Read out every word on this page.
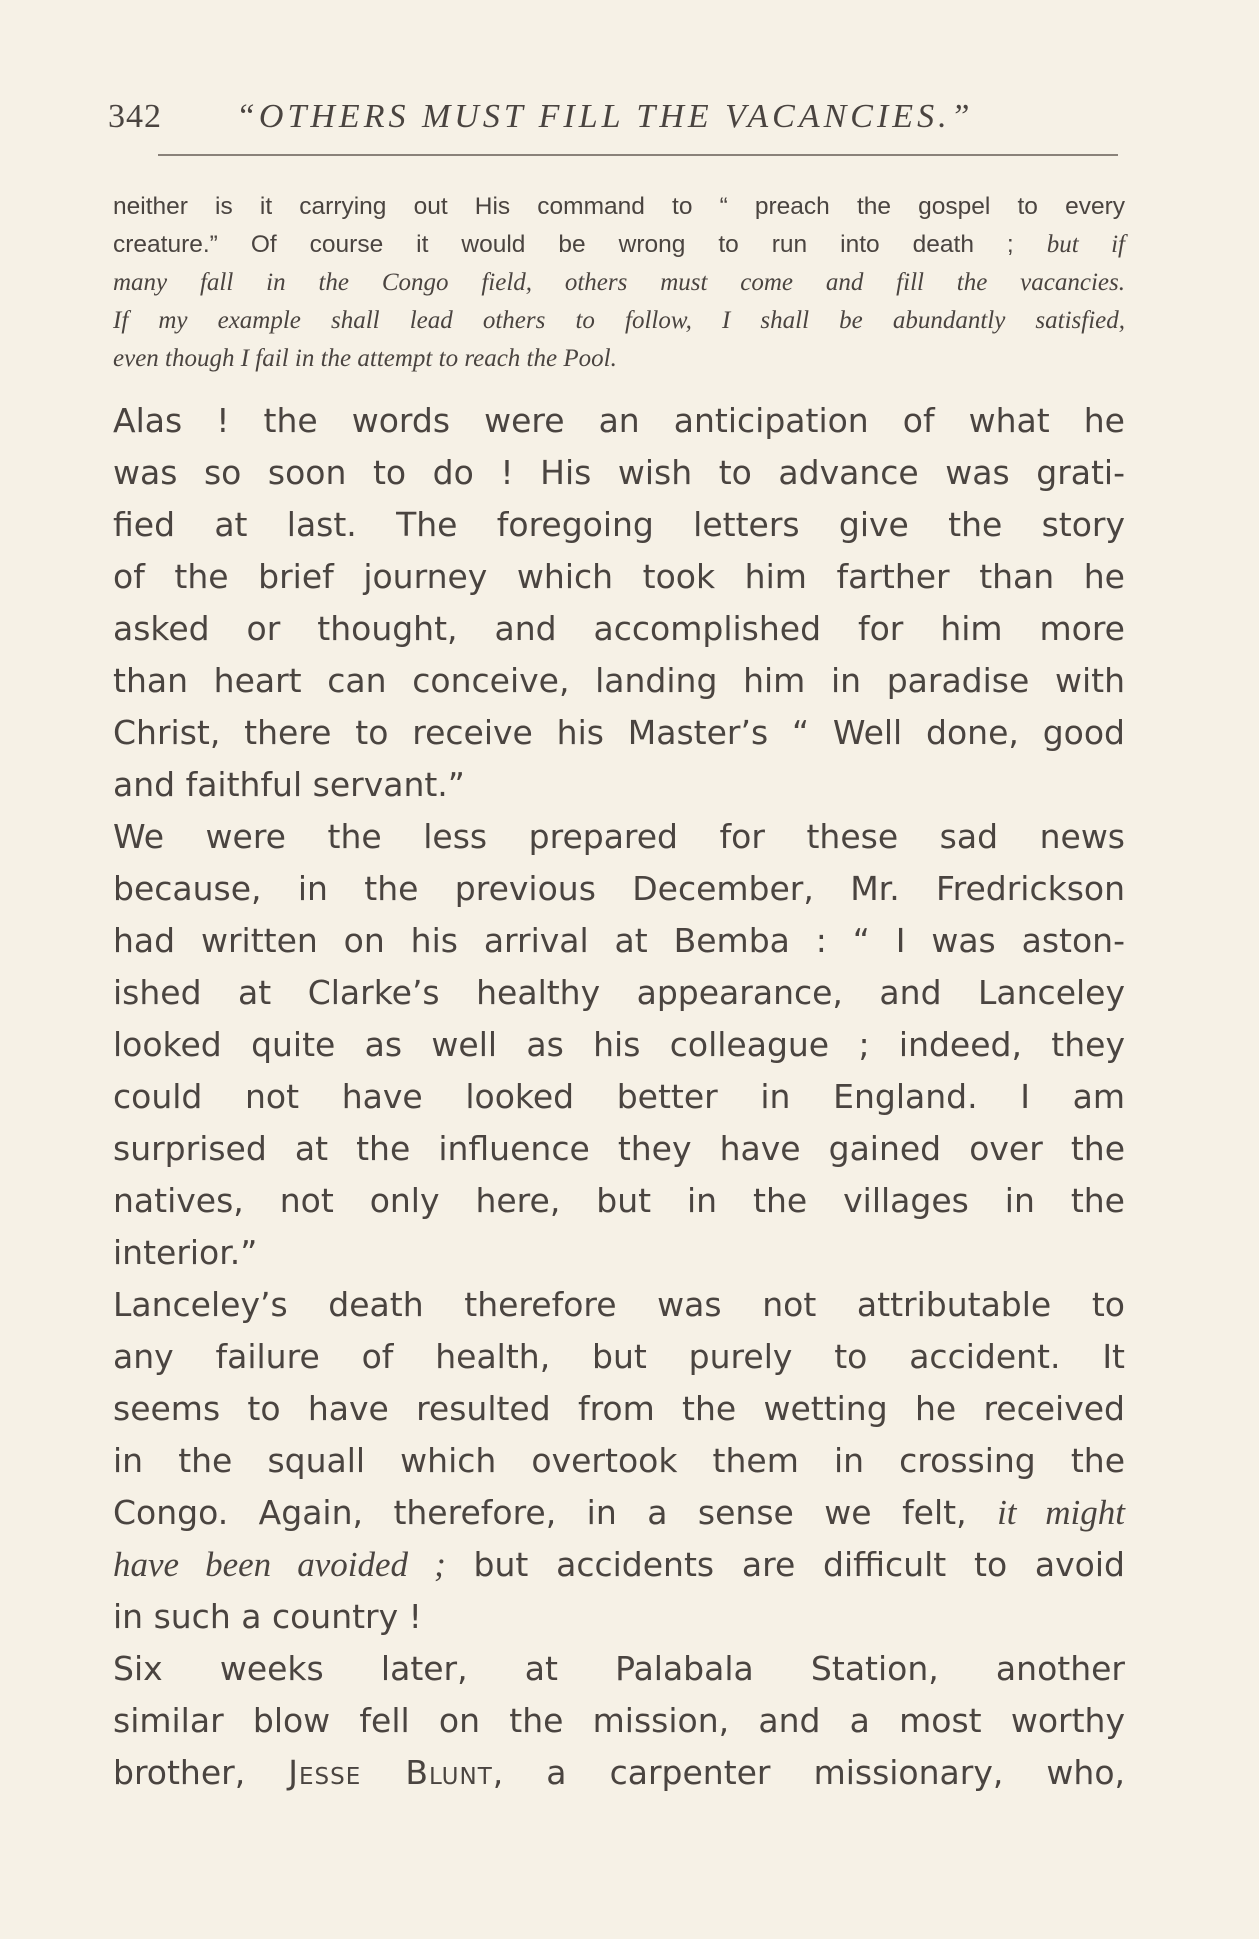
342 “OTHERS MUST FILL THE VACANCIES.”

neither is it carrying out His command to “ preach the gospel to every
creature.” Of course it would be wrong to run into death ; but if
many fall in the Congo field, others must come and fill the vacancies.
If my example shall lead others to follow, I shall be abundantly satisfied,
even though I fail in the attempt to reach the Pool.

Alas ! the words were an anticipation of what he
was so soon to do ! His wish to advance was grati-
fied at last. The foregoing letters give the story
of the brief journey which took him farther than he
asked or thought, and accomplished for him more
than heart can conceive, landing him in paradise with
Christ, there to receive his Master’s “ Well done, good
and faithful servant.”

We were the less prepared for these sad news
because, in the previous December, Mr. Fredrickson
had written on his arrival at Bemba : “ I was aston-
ished at Clarke’s healthy appearance, and Lanceley
looked quite as well as his colleague ; indeed, they
could not have looked better in England. I am
surprised at the influence they have gained over the
natives, not only here, but in the villages in the
interior.”

Lanceley’s death therefore was not attributable to
any failure of health, but purely to accident. It
seems to have resulted from the wetting he received
in the squall which overtook them in crossing the
Congo. Again, therefore, in a sense we felt, it might
have been avoided ; but accidents are difficult to avoid
in such a country !

Six weeks later, at Palabala Station, another
similar blow fell on the mission, and a most worthy
brother, Jesse Blunt, a carpenter missionary, who,
